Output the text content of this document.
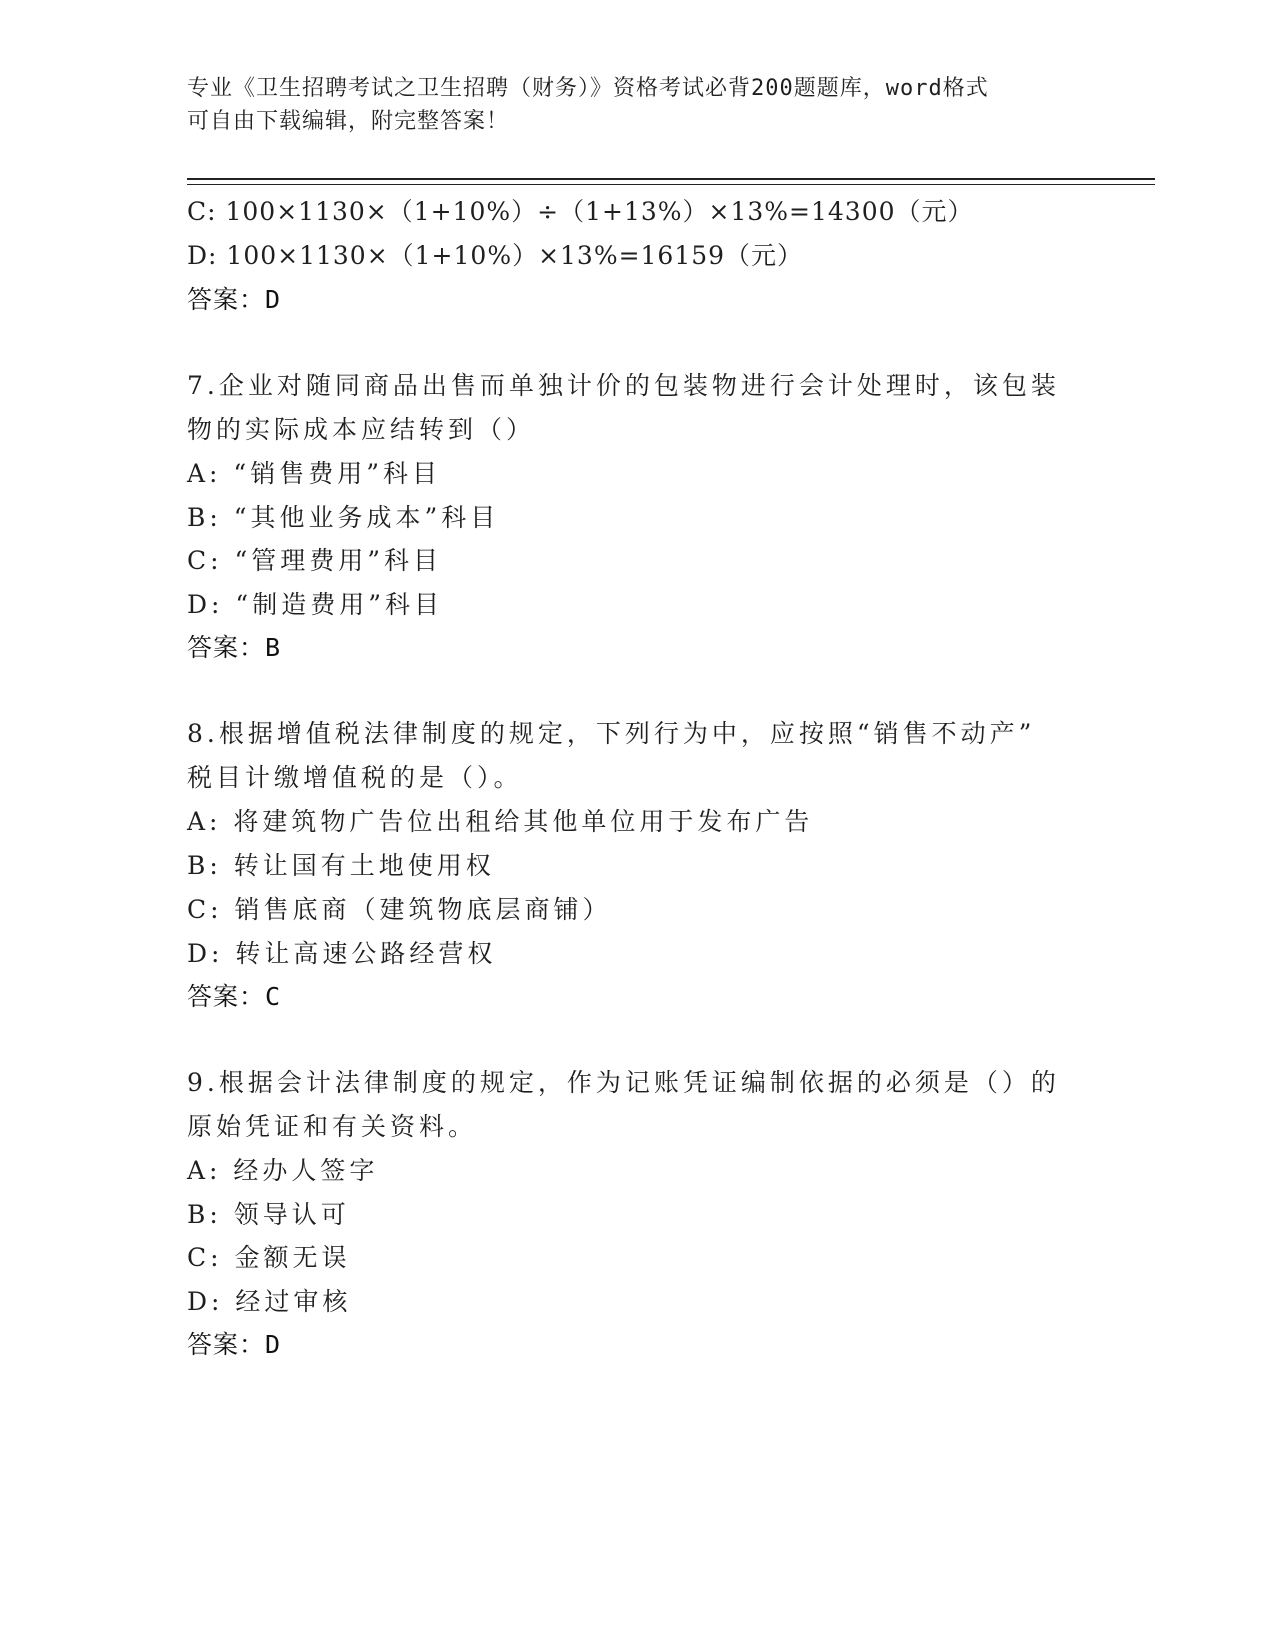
专业《卫生招聘考试之卫生招聘（财务）》资格考试必背200题题库，word格式
可自由下载编辑，附完整答案！
C: 100×1130×（1+10%）÷（1+13%）×13%=14300（元）
D: 100×1130×（1+10%）×13%=16159（元）
答案：D
7.企业对随同商品出售而单独计价的包装物进行会计处理时，该包装
物的实际成本应结转到（）
A: “销售费用”科目
B: “其他业务成本”科目
C: “管理费用”科目
D: “制造费用”科目
答案：B
8.根据增值税法律制度的规定，下列行为中，应按照“销售不动产”
税目计缴增值税的是（）。
A: 将建筑物广告位出租给其他单位用于发布广告
B: 转让国有土地使用权
C: 销售底商（建筑物底层商铺）
D: 转让高速公路经营权
答案：C
9.根据会计法律制度的规定，作为记账凭证编制依据的必须是（）的
原始凭证和有关资料。
A: 经办人签字
B: 领导认可
C: 金额无误
D: 经过审核
答案：D
